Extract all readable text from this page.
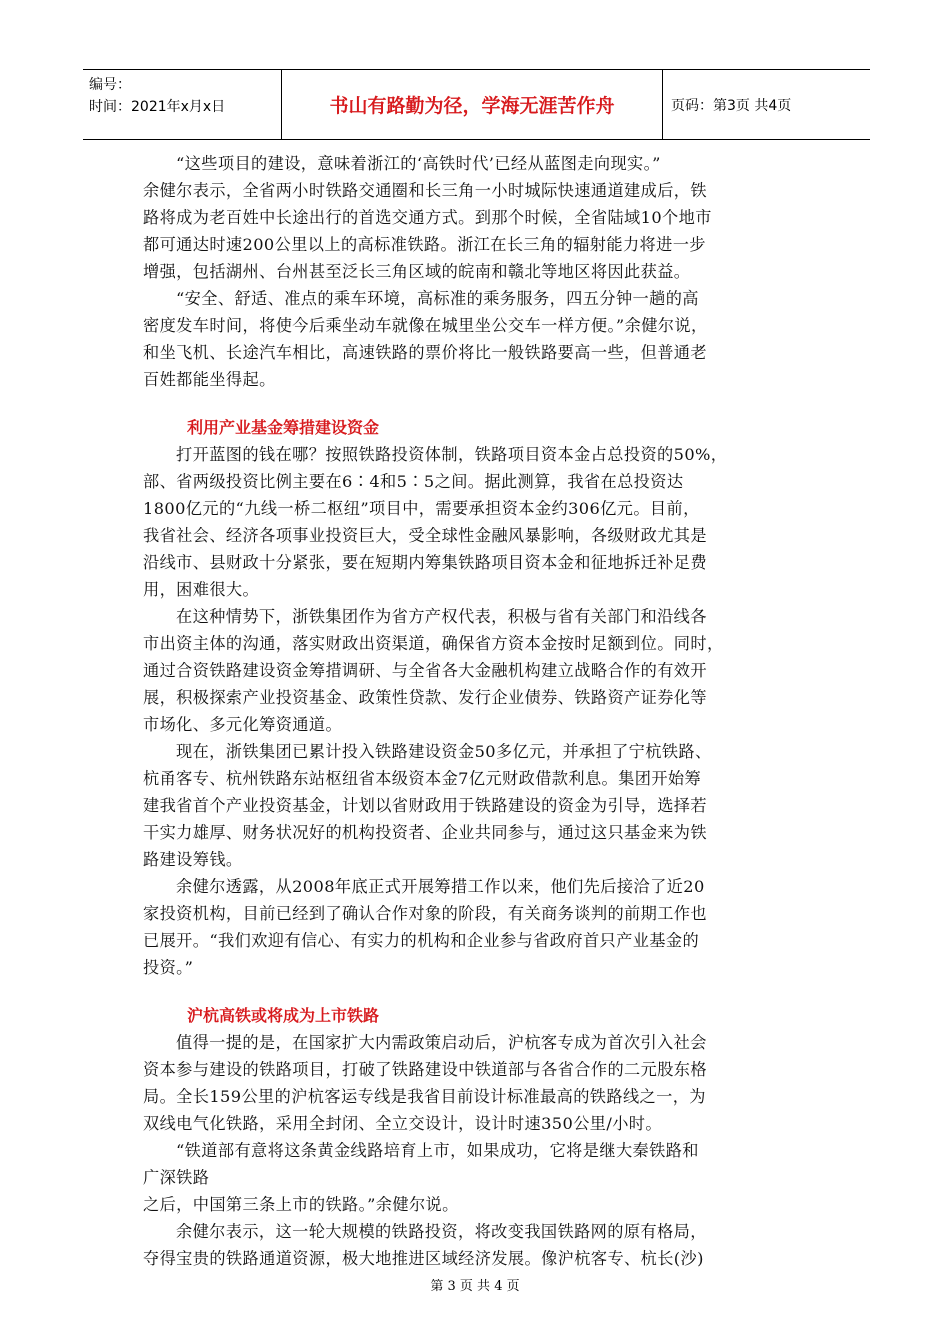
编号：
时间：2021年x月x日	书山有路勤为径，学海无涯苦作舟	页码：第3页 共4页
“这些项目的建设，意味着浙江的‘高铁时代’已经从蓝图走向现实。”
余健尔表示，全省两小时铁路交通圈和长三角一小时城际快速通道建成后，铁
路将成为老百姓中长途出行的首选交通方式。到那个时候，全省陆域10个地市
都可通达时速200公里以上的高标准铁路。浙江在长三角的辐射能力将进一步
增强，包括湖州、台州甚至泛长三角区域的皖南和赣北等地区将因此获益。
“安全、舒适、准点的乘车环境，高标准的乘务服务，四五分钟一趟的高
密度发车时间，将使今后乘坐动车就像在城里坐公交车一样方便。”余健尔说，
和坐飞机、长途汽车相比，高速铁路的票价将比一般铁路要高一些，但普通老
百姓都能坐得起。
利用产业基金筹措建设资金
打开蓝图的钱在哪？按照铁路投资体制，铁路项目资本金占总投资的50%，
部、省两级投资比例主要在6∶4和5∶5之间。据此测算，我省在总投资达
1800亿元的“九线一桥二枢纽”项目中，需要承担资本金约306亿元。目前，
我省社会、经济各项事业投资巨大，受全球性金融风暴影响，各级财政尤其是
沿线市、县财政十分紧张，要在短期内筹集铁路项目资本金和征地拆迁补足费
用，困难很大。
在这种情势下，浙铁集团作为省方产权代表，积极与省有关部门和沿线各
市出资主体的沟通，落实财政出资渠道，确保省方资本金按时足额到位。同时，
通过合资铁路建设资金筹措调研、与全省各大金融机构建立战略合作的有效开
展，积极探索产业投资基金、政策性贷款、发行企业债券、铁路资产证券化等
市场化、多元化筹资通道。
现在，浙铁集团已累计投入铁路建设资金50多亿元，并承担了宁杭铁路、
杭甬客专、杭州铁路东站枢纽省本级资本金7亿元财政借款利息。集团开始筹
建我省首个产业投资基金，计划以省财政用于铁路建设的资金为引导，选择若
干实力雄厚、财务状况好的机构投资者、企业共同参与，通过这只基金来为铁
路建设筹钱。
余健尔透露，从2008年底正式开展筹措工作以来，他们先后接洽了近20
家投资机构，目前已经到了确认合作对象的阶段，有关商务谈判的前期工作也
已展开。“我们欢迎有信心、有实力的机构和企业参与省政府首只产业基金的
投资。”
沪杭高铁或将成为上市铁路
值得一提的是，在国家扩大内需政策启动后，沪杭客专成为首次引入社会
资本参与建设的铁路项目，打破了铁路建设中铁道部与各省合作的二元股东格
局。全长159公里的沪杭客运专线是我省目前设计标准最高的铁路线之一，为
双线电气化铁路，采用全封闭、全立交设计，设计时速350公里/小时。
“铁道部有意将这条黄金线路培育上市，如果成功，它将是继大秦铁路和
广深铁路
之后，中国第三条上市的铁路。”余健尔说。
余健尔表示，这一轮大规模的铁路投资，将改变我国铁路网的原有格局，
夺得宝贵的铁路通道资源，极大地推进区域经济发展。像沪杭客专、杭长(沙)
第 3 页 共 4 页
